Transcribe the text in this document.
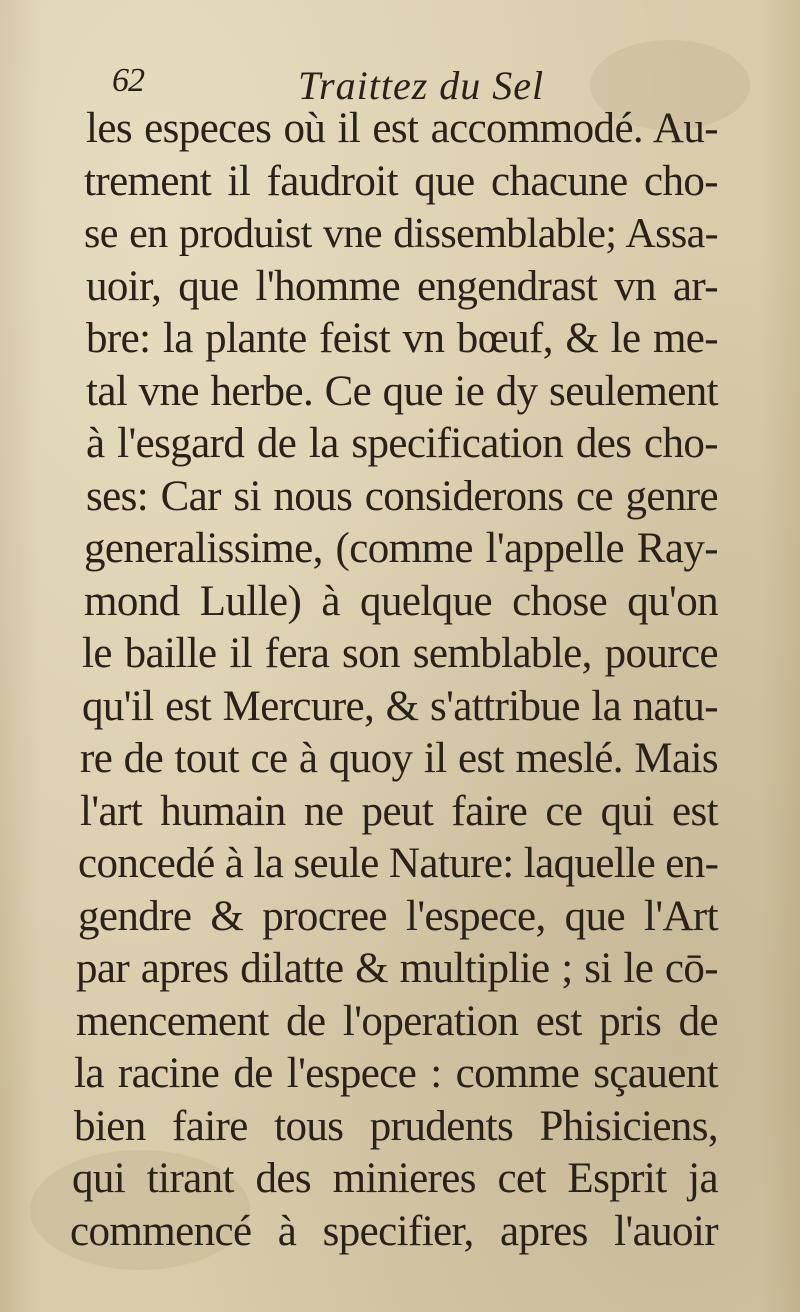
62	Traittez du Sel
les especes où il est accommodé. Au-
trement il faudroit que chacune cho-
se en produist vne dissemblable; Assa-
uoir, que l'homme engendrast vn ar-
bre: la plante feist vn bœuf, & le me-
tal vne herbe. Ce que ie dy seulement
à l'esgard de la specification des cho-
ses: Car si nous considerons ce genre
generalissime, (comme l'appelle Ray-
mond Lulle) à quelque chose qu'on
le baille il fera son semblable, pource
qu'il est Mercure, & s'attribue la natu-
re de tout ce à quoy il est meslé. Mais
l'art humain ne peut faire ce qui est
concedé à la seule Nature: laquelle en-
gendre & procree l'espece, que l'Art
par apres dilatte & multiplie ; si le cō-
mencement de l'operation est pris de
la racine de l'espece : comme sçauent
bien faire tous prudents Phisiciens,
qui tirant des minieres cet Esprit ja
commencé à specifier, apres l'auoir
